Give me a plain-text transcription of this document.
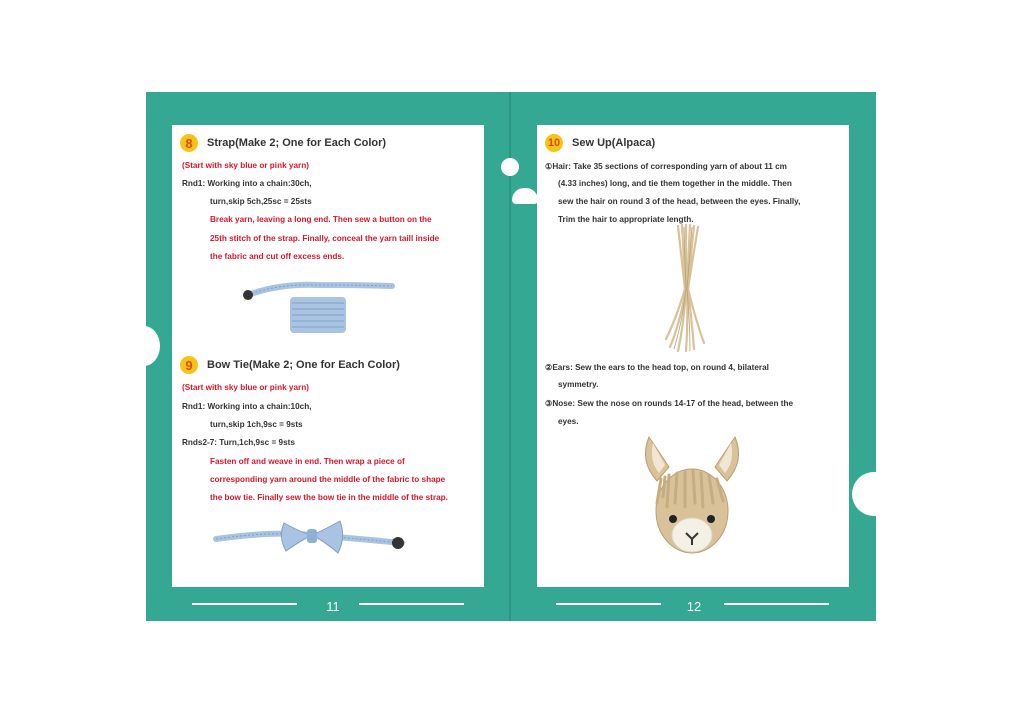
8	Strap(Make 2; One for Each Color)
(Start with sky blue or pink yarn)
Rnd1: Working into a chain:30ch,
turn,skip 5ch,25sc = 25sts
Break yarn, leaving a long end. Then sew a button on the
25th stitch of the strap. Finally, conceal the yarn taill inside
the fabric and cut off excess ends.
9	Bow Tie(Make 2; One for Each Color)
(Start with sky blue or pink yarn)
Rnd1: Working into a chain:10ch,
turn,skip 1ch,9sc = 9sts
Rnds2-7: Turn,1ch,9sc = 9sts
Fasten off and weave in end. Then wrap a piece of
corresponding yarn around the middle of the fabric to shape
the bow tie. Finally sew the bow tie in the middle of the strap.
10 Sew Up(Alpaca)
①Hair: Take 35 sections of corresponding yarn of about 11 cm
(4.33 inches) long, and tie them together in the middle. Then
sew the hair on round 3 of the head, between the eyes. Finally,
Trim the hair to appropriate length.
②Ears: Sew the ears to the head top, on round 4, bilateral
symmetry.
③Nose: Sew the nose on rounds 14-17 of the head, between the
eyes.
11	12
